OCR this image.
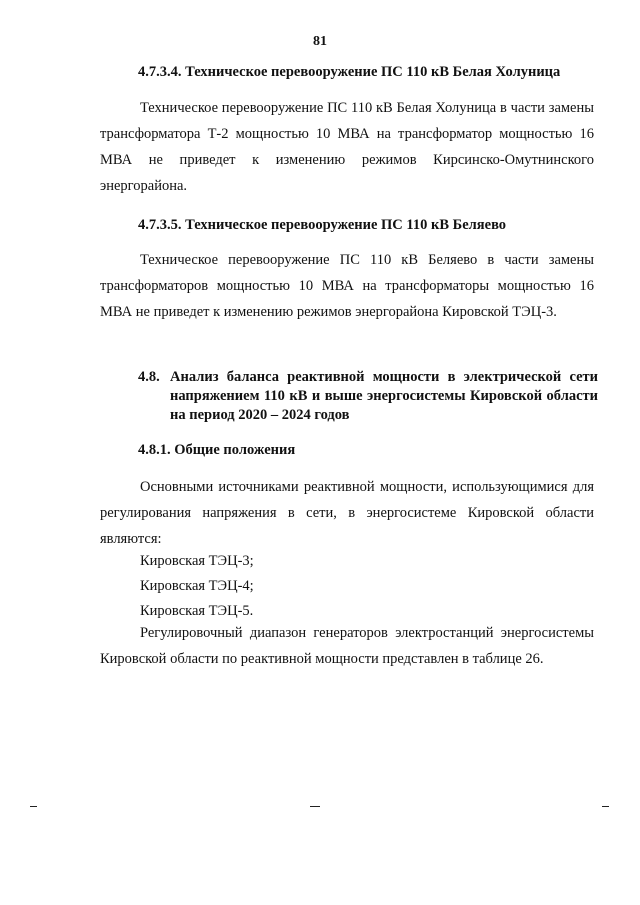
81
4.7.3.4. Техническое перевооружение ПС 110 кВ Белая Холуница
Техническое перевооружение ПС 110 кВ Белая Холуница в части замены трансформатора Т-2 мощностью 10 МВА на трансформатор мощностью 16 МВА не приведет к изменению режимов Кирсинско-Омутнинского энергорайона.
4.7.3.5. Техническое перевооружение ПС 110 кВ Беляево
Техническое перевооружение ПС 110 кВ Беляево в части замены трансформаторов мощностью 10 МВА на трансформаторы мощностью 16 МВА не приведет к изменению режимов энергорайона Кировской ТЭЦ-3.
4.8. Анализ баланса реактивной мощности в электрической сети напряжением 110 кВ и выше энергосистемы Кировской области на период 2020 – 2024 годов
4.8.1. Общие положения
Основными источниками реактивной мощности, использующимися для регулирования напряжения в сети, в энергосистеме Кировской области являются:
Кировская ТЭЦ-3;
Кировская ТЭЦ-4;
Кировская ТЭЦ-5.
Регулировочный диапазон генераторов электростанций энергосистемы Кировской области по реактивной мощности представлен в таблице 26.
